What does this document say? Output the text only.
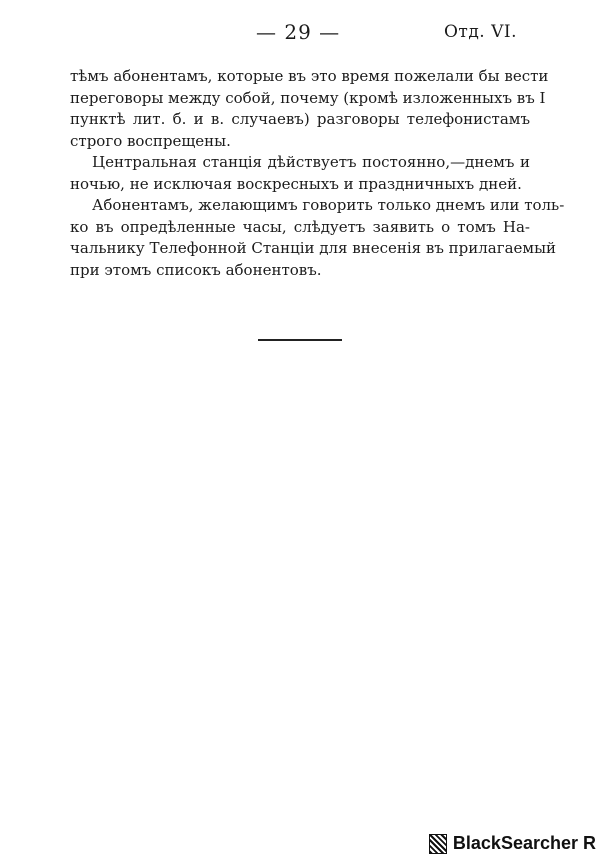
— 29 —	Отд. VI.

тѣмъ абонентамъ, которые въ это время пожелали бы вести
переговоры между собой, почему (кромѣ изложенныхъ въ I
пунктѣ лит. б. и в. случаевъ) разговоры телефонистамъ
строго воспрещены.

Центральная станція дѣйствуетъ постоянно,—днемъ и
ночью, не исключая воскресныхъ и праздничныхъ дней.

Абонентамъ, желающимъ говорить только днемъ или толь-
ко въ опредѣленные часы, слѣдуетъ заявить о томъ На-
чальнику Телефонной Станціи для внесенія въ прилагаемый
при этомъ списокъ абонентовъ.

BlackSearcher R
